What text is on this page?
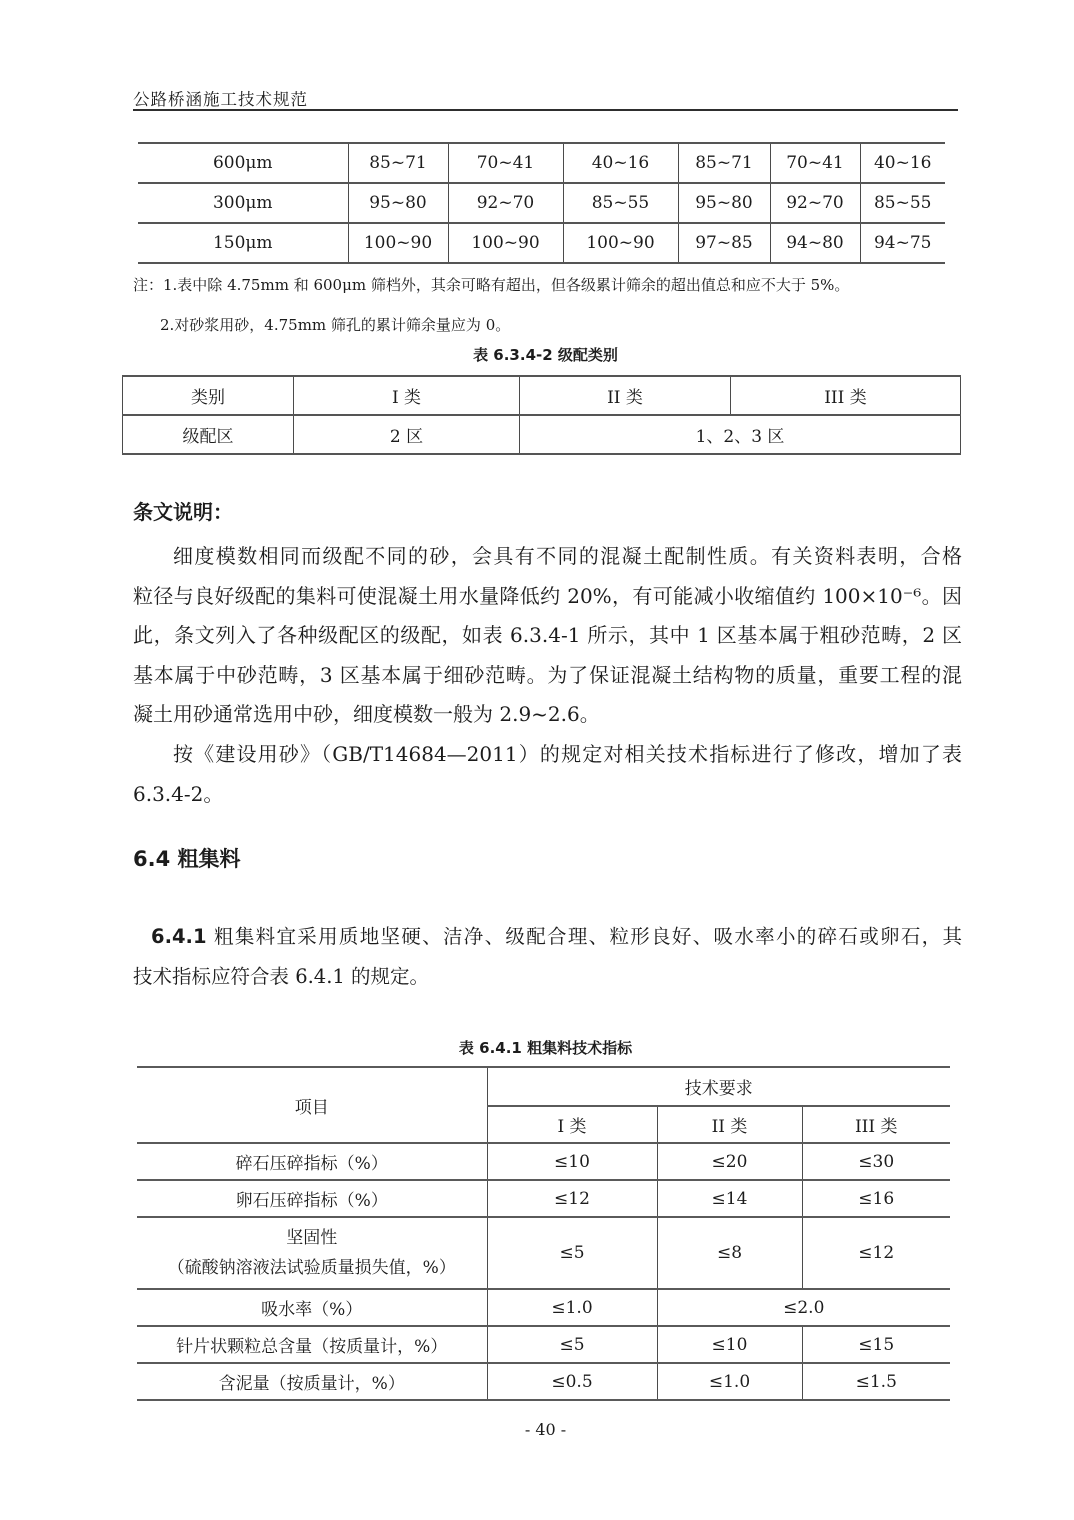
公路桥涵施工技术规范
600μm	85~71	70~41	40~16	85~71	70~41	40~16
300μm	95~80	92~70	85~55	95~80	92~70	85~55
150μm	100~90	100~90	100~90	97~85	94~80	94~75
注：1.表中除 4.75mm 和 600μm 筛档外，其余可略有超出，但各级累计筛余的超出值总和应不大于 5%。
2.对砂浆用砂，4.75mm 筛孔的累计筛余量应为 0。
表 6.3.4-2 级配类别
类别	I 类	II 类	III 类
级配区	2 区	1、2、3 区	
条文说明：
细度模数相同而级配不同的砂，会具有不同的混凝土配制性质。有关资料表明，合格
粒径与良好级配的集料可使混凝土用水量降低约 20%，有可能减小收缩值约 100×10⁻⁶。因
此，条文列入了各种级配区的级配，如表 6.3.4-1 所示，其中 1 区基本属于粗砂范畴，2 区
基本属于中砂范畴，3 区基本属于细砂范畴。为了保证混凝土结构物的质量，重要工程的混
凝土用砂通常选用中砂，细度模数一般为 2.9~2.6。
按《建设用砂》（GB/T14684—2011）的规定对相关技术指标进行了修改，增加了表
6.3.4-2。
6.4 粗集料
6.4.1 粗集料宜采用质地坚硬、洁净、级配合理、粒形良好、吸水率小的碎石或卵石，其
技术指标应符合表 6.4.1 的规定。
表 6.4.1 粗集料技术指标
项目	技术要求		
	I 类	II 类	III 类
碎石压碎指标（%）	≤10	≤20	≤30
卵石压碎指标（%）	≤12	≤14	≤16

坚固性
（硫酸钠溶液法试验质量损失值，%）	≤5	≤8	≤12
吸水率（%）	≤1.0	≤2.0	
针片状颗粒总含量（按质量计，%）	≤5	≤10	≤15
含泥量（按质量计，%）	≤0.5	≤1.0	≤1.5
- 40 -
